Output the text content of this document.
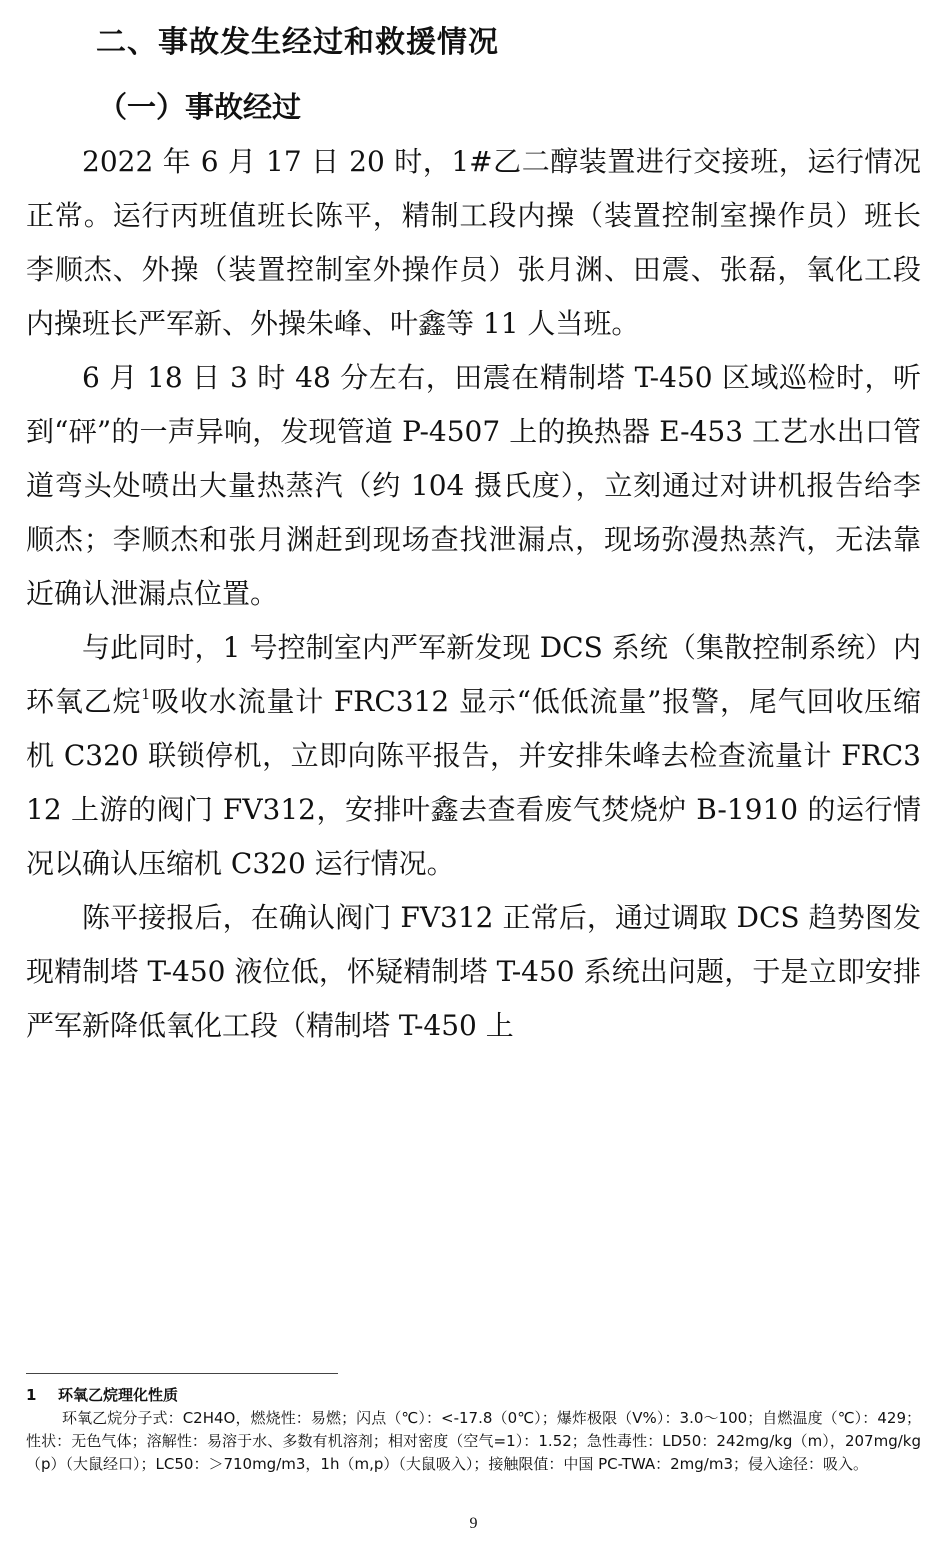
二、事故发生经过和救援情况
（一）事故经过

2022 年 6 月 17 日 20 时，1#乙二醇装置进行交接班，运行情况正常。运行丙班值班长陈平，精制工段内操（装置控制室操作员）班长李顺杰、外操（装置控制室外操作员）张月渊、田震、张磊，氧化工段内操班长严军新、外操朱峰、叶鑫等 11 人当班。

6 月 18 日 3 时 48 分左右，田震在精制塔 T-450 区域巡检时，听到“砰”的一声异响，发现管道 P-4507 上的换热器 E-453 工艺水出口管道弯头处喷出大量热蒸汽（约 104 摄氏度），立刻通过对讲机报告给李顺杰；李顺杰和张月渊赶到现场查找泄漏点，现场弥漫热蒸汽，无法靠近确认泄漏点位置。

与此同时，1 号控制室内严军新发现 DCS 系统（集散控制系统）内环氧乙烷$^1$吸收水流量计 FRC312 显示“低低流量”报警，尾气回收压缩机 C320 联锁停机，立即向陈平报告，并安排朱峰去检查流量计 FRC312 上游的阀门 FV312，安排叶鑫去查看废气焚烧炉 B-1910 的运行情况以确认压缩机 C320 运行情况。

陈平接报后，在确认阀门 FV312 正常后，通过调取 DCS 趋势图发现精制塔 T-450 液位低，怀疑精制塔 T-450 系统出问题，于是立即安排严军新降低氧化工段（精制塔 T-450 上

1 环氧乙烷理化性质

环氧乙烷分子式：C2H4O，燃烧性：易燃；闪点（℃）：<-17.8（0℃）；爆炸极限（V%）：3.0～100；自燃温度（℃）：429；性状：无色气体；溶解性：易溶于水、多数有机溶剂；相对密度（空气=1）：1.52；急性毒性：LD50：242mg/kg（m），207mg/kg（p）（大鼠经口）；LC50：＞710mg/m3，1h（m,p）（大鼠吸入）；接触限值：中国 PC-TWA：2mg/m3；侵入途径：吸入。

9
